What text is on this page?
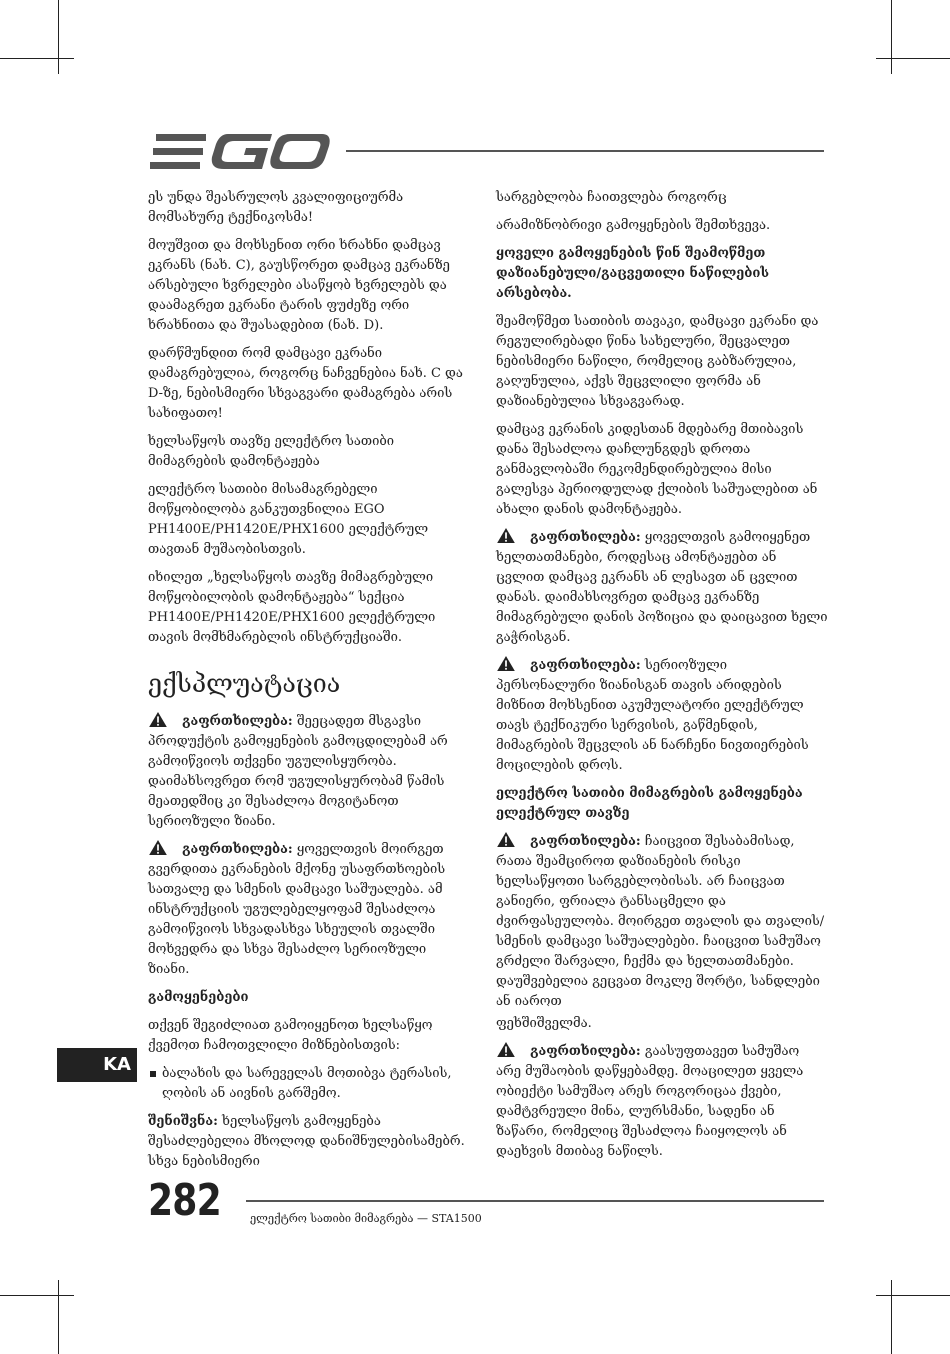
ეს უნდა შეასრულოს კვალიფიციურმა მომსახურე ტექნიკოსმა!

მოუშვით და მოხსენით ორი ხრახნი დამცავ ეკრანს (ნახ. C), გაუსწორეთ დამცავ ეკრანზე არსებული ხვრელები ასაწყობ ხვრელებს და დაამაგრეთ ეკრანი ტარის ფუძეზე ორი ხრახნითა და შუასადებით (ნახ. D).

დარწმუნდით რომ დამცავი ეკრანი დამაგრებულია, როგორც ნაჩვენებია ნახ. C და D-ზე, ნებისმიერი სხვაგვარი დამაგრება არის სახიფათო!

ხელსაწყოს თავზე ელექტრო სათიბი მიმაგრების დამონტაჟება

ელექტრო სათიბი მისამაგრებელი მოწყობილობა განკუთვნილია EGO PH1400E/PH1420E/PHX1600 ელექტრულ თავთან მუშაობისთვის.

იხილეთ „ხელსაწყოს თავზე მიმაგრებული მოწყობილობის დამონტაჟება“ სექცია PH1400E/PH1420E/PHX1600 ელექტრული თავის მომხმარებლის ინსტრუქციაში.

ექსპლუატაცია

გაფრთხილება: შეეცადეთ მსგავსი პროდუქტის გამოყენების გამოცდილებამ არ გამოიწვიოს თქვენი უგულისყურობა. დაიმახსოვრეთ რომ უგულისყურობამ წამის მეათედშიც კი შესაძლოა მოგიტანოთ სერიოზული ზიანი.

გაფრთხილება: ყოველთვის მოირგეთ გვერდითა ეკრანების მქონე უსაფრთხოების სათვალე და სმენის დამცავი საშუალება. ამ ინსტრუქციის უგულებელყოფამ შესაძლოა გამოიწვიოს სხვადასხვა სხეულის თვალში მოხვედრა და სხვა შესაძლო სერიოზული ზიანი.

გამოყენებები

თქვენ შეგიძლიათ გამოიყენოთ ხელსაწყო ქვემოთ ჩამოთვლილი მიზნებისთვის:

ბალახის და სარეველას მოთიბვა ტერასის, ღობის ან აივნის გარშემო.

შენიშვნა: ხელსაწყოს გამოყენება შესაძლებელია მხოლოდ დანიშნულებისამებრ. სხვა ნებისმიერი

სარგებლობა ჩაითვლება როგორც

არამიზნობრივი გამოყენების შემთხვევა.

ყოველი გამოყენების წინ შეამოწმეთ დაზიანებული/გაცვეთილი ნაწილების არსებობა.

შეამოწმეთ სათიბის თავაკი, დამცავი ეკრანი და რეგულირებადი წინა სახელური, შეცვალეთ ნებისმიერი ნაწილი, რომელიც გაბზარულია, გაღუნულია, აქვს შეცვლილი ფორმა ან დაზიანებულია სხვაგვარად.

დამცავ ეკრანის კიდესთან მდებარე მთიბავის დანა შესაძლოა დაჩლუნგდეს დროთა განმავლობაში რეკომენდირებულია მისი გალესვა პერიოდულად ქლიბის საშუალებით ან ახალი დანის დამონტაჟება.

გაფრთხილება: ყოველთვის გამოიყენეთ ხელთათმანები, როდესაც ამონტაჟებთ ან ცვლით დამცავ ეკრანს ან ლესავთ ან ცვლით დანას. დაიმახსოვრეთ დამცავ ეკრანზე მიმაგრებული დანის პოზიცია და დაიცავით ხელი გაჭრისგან.

გაფრთხილება: სერიოზული პერსონალური ზიანისგან თავის არიდების მიზნით მოხსენით აკუმულატორი ელექტრულ თავს ტექნიკური სერვისის, გაწმენდის, მიმაგრების შეცვლის ან ნარჩენი ნივთიერების მოცილების დროს.

ელექტრო სათიბი მიმაგრების გამოყენება ელექტრულ თავზე

გაფრთხილება: ჩაიცვით შესაბამისად, რათა შეამციროთ დაზიანების რისკი ხელსაწყოთი სარგებლობისას. არ ჩაიცვათ განიერი, ფრიალა ტანსაცმელი და ძვირფასეულობა. მოირგეთ თვალის და თვალის/სმენის დამცავი საშუალებები. ჩაიცვით სამუშაო გრძელი შარვალი, ჩექმა და ხელთათმანები. დაუშვებელია გეცვათ მოკლე შორტი, სანდლები ან იაროთ

ფეხშიშველმა.

გაფრთხილება: გაასუფთავეთ სამუშაო არე მუშაობის დაწყებამდე. მოაცილეთ ყველა ობიექტი სამუშაო არეს როგორიცაა ქვები, დამტვრეული მინა, ლურსმანი, სადენი ან ზაწარი, რომელიც შესაძლოა ჩაიყოლოს ან დაეხვის მთიბავ ნაწილს.

KA
282	ელექტრო სათიბი მიმაგრება — STA1500
